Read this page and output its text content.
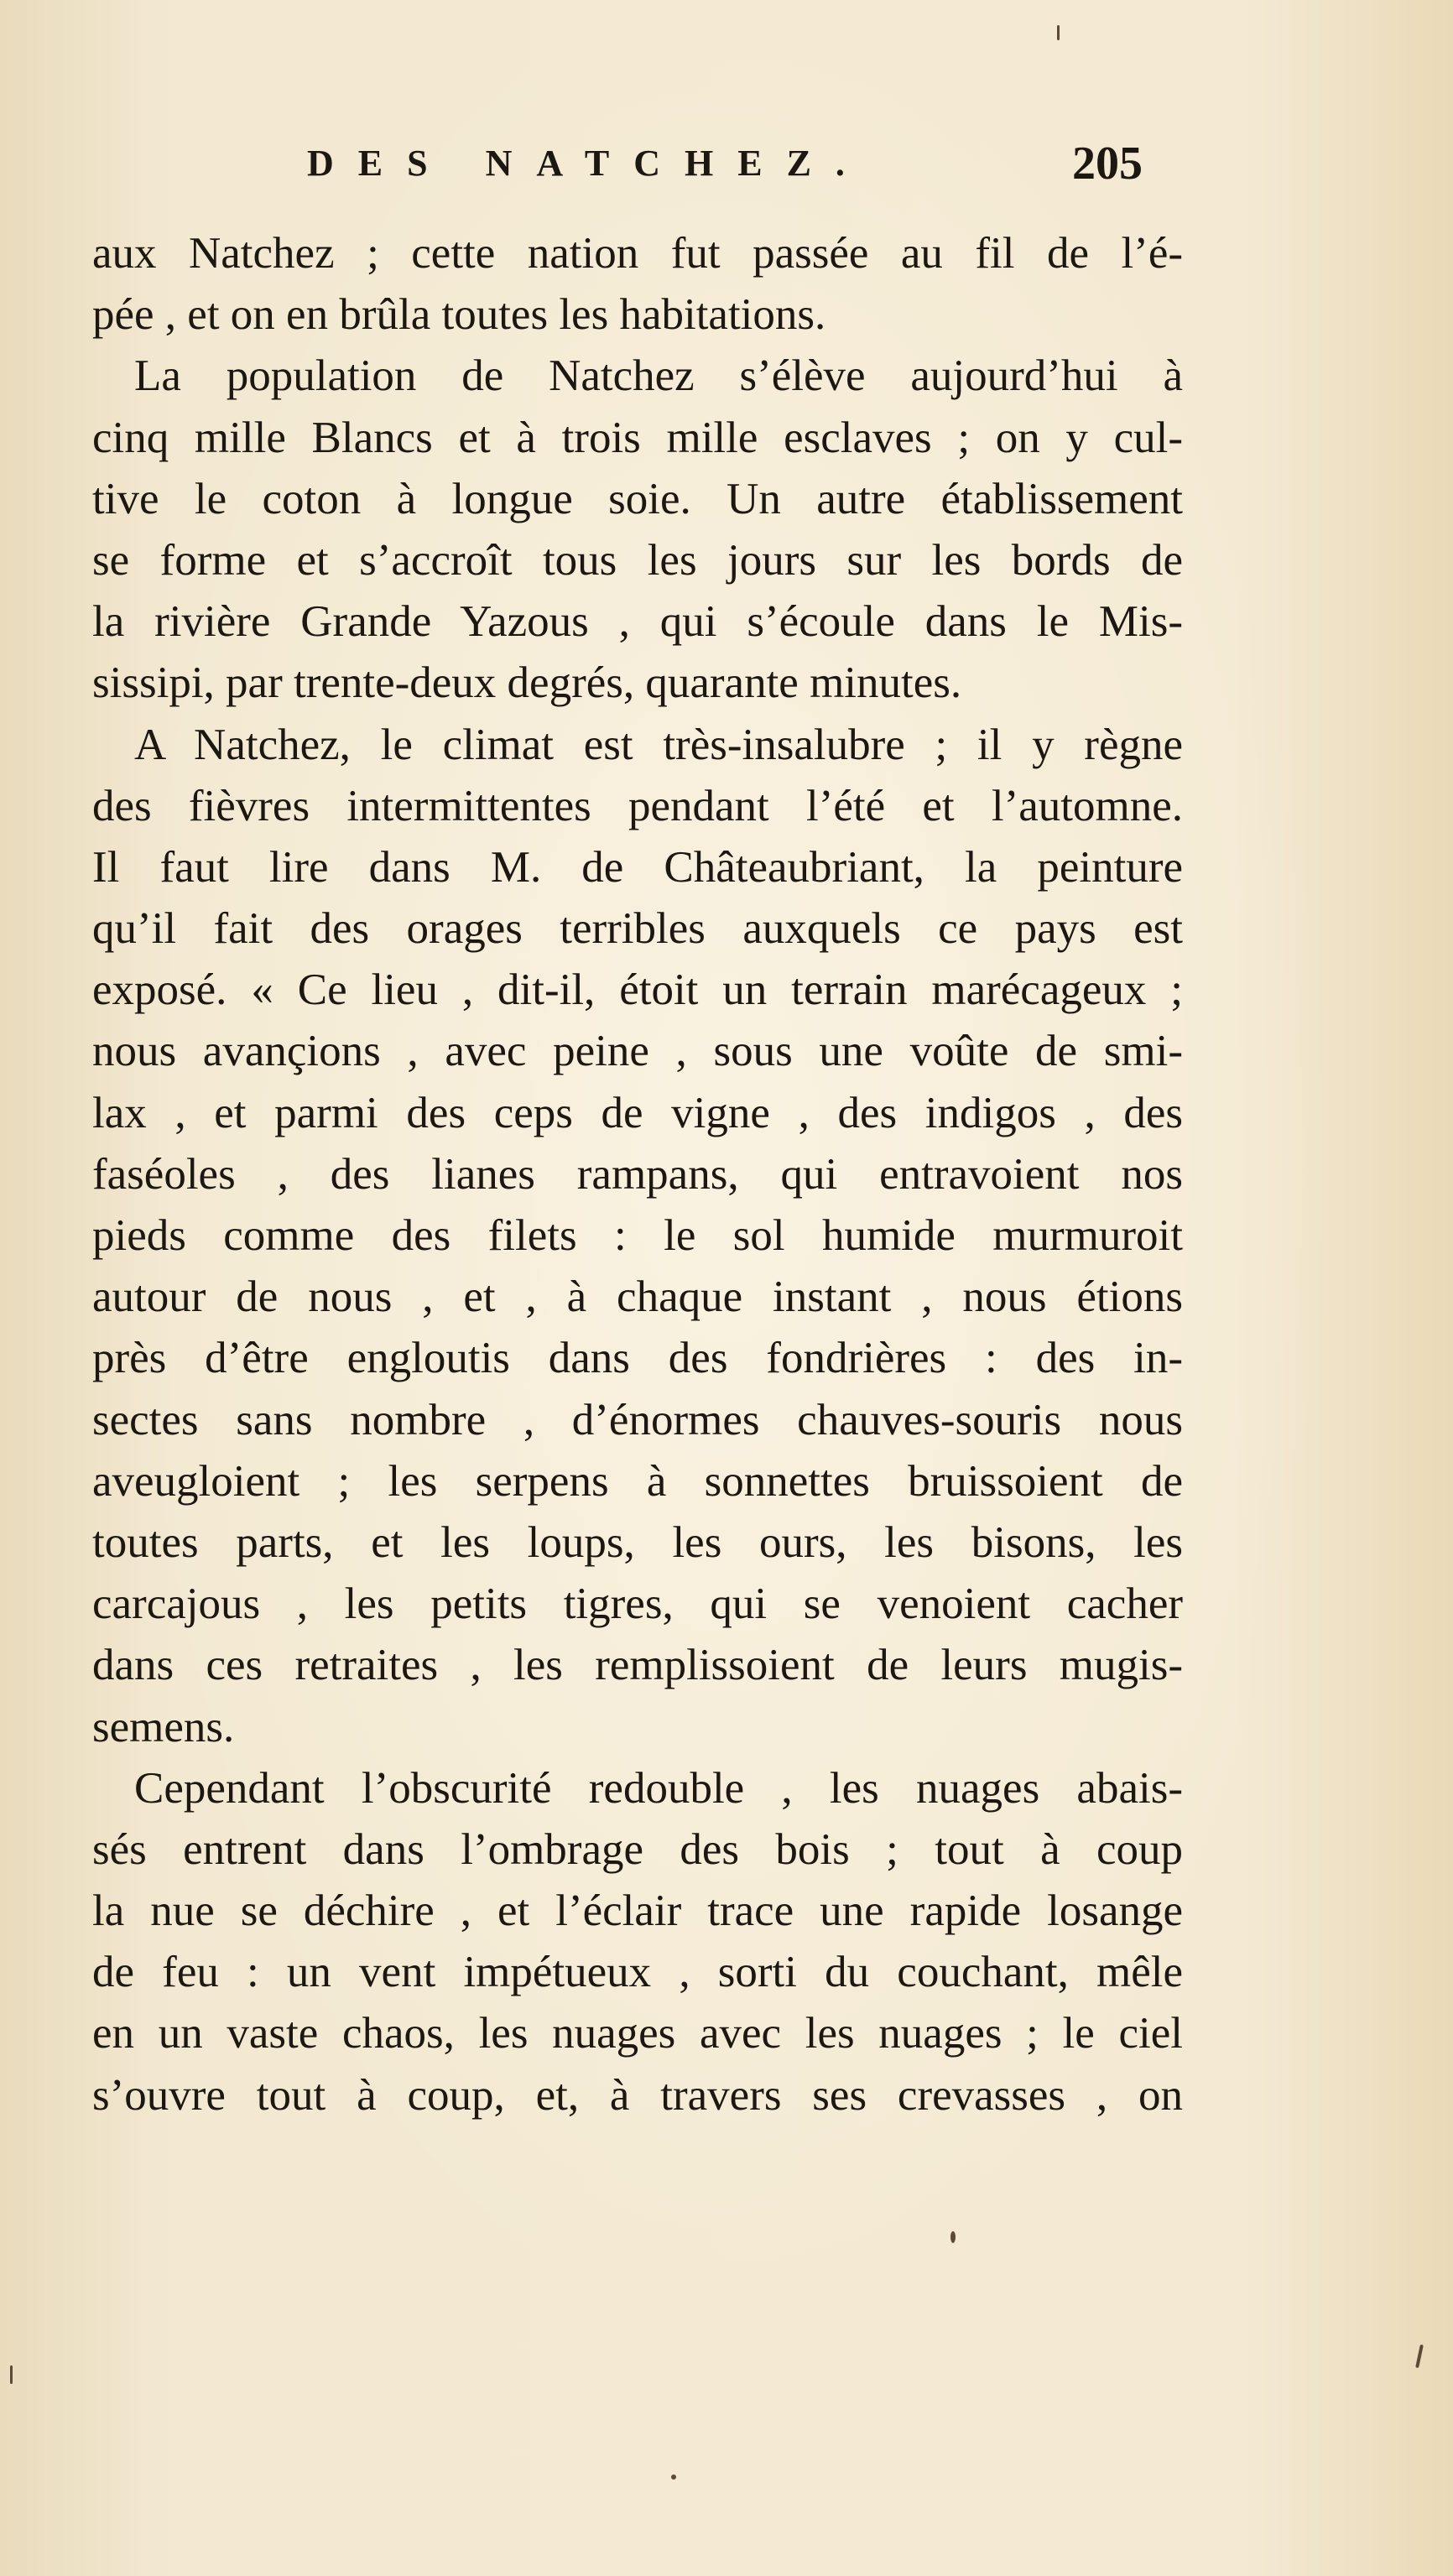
DES NATCHEZ.	205
aux Natchez ; cette nation fut passée au fil de l’é-
pée , et on en brûla toutes les habitations.
La population de Natchez s’élève aujourd’hui à
cinq mille Blancs et à trois mille esclaves ; on y cul-
tive le coton à longue soie. Un autre établissement
se forme et s’accroît tous les jours sur les bords de
la rivière Grande Yazous , qui s’écoule dans le Mis-
sissipi, par trente-deux degrés, quarante minutes.
A Natchez, le climat est très-insalubre ; il y règne
des fièvres intermittentes pendant l’été et l’automne.
Il faut lire dans M. de Châteaubriant, la peinture
qu’il fait des orages terribles auxquels ce pays est
exposé. « Ce lieu , dit-il, étoit un terrain marécageux ;
nous avançions , avec peine , sous une voûte de smi-
lax , et parmi des ceps de vigne , des indigos , des
faséoles , des lianes rampans, qui entravoient nos
pieds comme des filets : le sol humide murmuroit
autour de nous , et , à chaque instant , nous étions
près d’être engloutis dans des fondrières : des in-
sectes sans nombre , d’énormes chauves-souris nous
aveugloient ; les serpens à sonnettes bruissoient de
toutes parts, et les loups, les ours, les bisons, les
carcajous , les petits tigres, qui se venoient cacher
dans ces retraites , les remplissoient de leurs mugis-
semens.
Cependant l’obscurité redouble , les nuages abais-
sés entrent dans l’ombrage des bois ; tout à coup
la nue se déchire , et l’éclair trace une rapide losange
de feu : un vent impétueux , sorti du couchant, mêle
en un vaste chaos, les nuages avec les nuages ; le ciel
s’ouvre tout à coup, et, à travers ses crevasses , on
